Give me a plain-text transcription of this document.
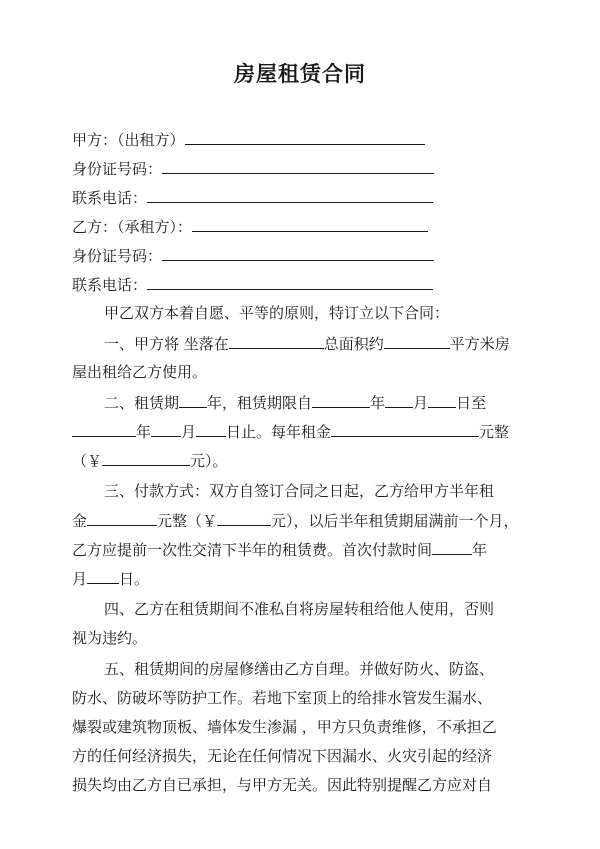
房屋租赁合同
甲方：（出租方）
身份证号码：
联系电话：
乙方：（承租方）：
身份证号码：
联系电话：
甲乙双方本着自愿、平等的原则，特订立以下合同：
一、甲方将 坐落在	总面积约	平方米房
屋出租给乙方使用。
二、租赁期 年，租赁期限自	年 月 日至
年 月 日止。每年租金	元整
（￥	元）。
三、付款方式：双方自签订合同之日起，乙方给甲方半年租
金	元整（￥	元），以后半年租赁期届满前一个月，
乙方应提前一次性交清下半年的租赁费。首次付款时间	年
月 日。
四、乙方在租赁期间不准私自将房屋转租给他人使用，否则
视为违约。
五、租赁期间的房屋修缮由乙方自理。并做好防火、防盗、
防水、防破坏等防护工作。若地下室顶上的给排水管发生漏水、
爆裂或建筑物顶板、墙体发生渗漏 ，甲方只负责维修，不承担乙
方的任何经济损失，无论在任何情况下因漏水、火灾引起的经济
损失均由乙方自已承担，与甲方无关。因此特别提醒乙方应对自
